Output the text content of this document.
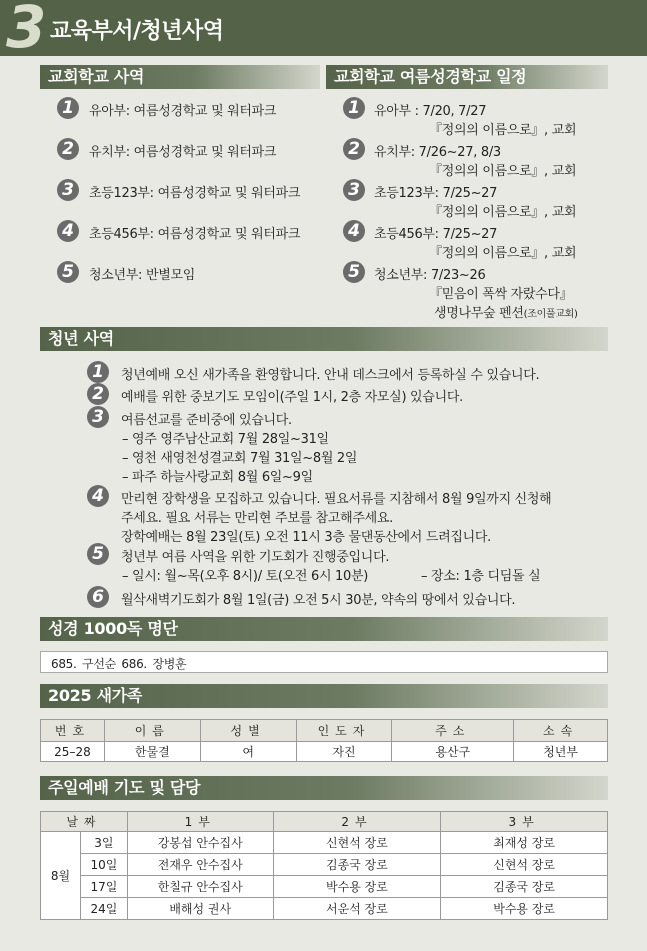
3 교육부서/청년사역
교회학교 사역
1	유아부: 여름성경학교 및 워터파크
2	유치부: 여름성경학교 및 워터파크
3	초등123부: 여름성경학교 및 워터파크
4	초등456부: 여름성경학교 및 워터파크
5	청소년부: 반별모임
교회학교 여름성경학교 일정
1	유아부 : 7/20, 7/27
『정의의 이름으로』, 교회
2	유치부: 7/26~27, 8/3
『정의의 이름으로』, 교회
3	초등123부: 7/25~27
『정의의 이름으로』, 교회
4	초등456부: 7/25~27
『정의의 이름으로』, 교회
5	청소년부: 7/23~26
『믿음이 폭싹 자랐수다』
생명나무숲 펜션(조이풀교회)
청년 사역
1	청년예배 오신 새가족을 환영합니다. 안내 데스크에서 등록하실 수 있습니다.
2	예배를 위한 중보기도 모임이(주일 1시, 2층 자모실) 있습니다.
3	여름선교를 준비중에 있습니다.
– 영주 영주남산교회 7월 28일~31일
– 영천 새영천성결교회 7월 31일~8월 2일
– 파주 하늘사랑교회 8월 6일~9일
4	만리현 장학생을 모집하고 있습니다. 필요서류를 지참해서 8월 9일까지 신청해
주세요. 필요 서류는 만리현 주보를 참고해주세요.
장학예배는 8월 23일(토) 오전 11시 3층 물댄동산에서 드려집니다.
5	청년부 여름 사역을 위한 기도회가 진행중입니다.
– 일시: 월~목(오후 8시)/ 토(오전 6시 10분)	– 장소: 1층 디딤돌 실
6	월삭새벽기도회가 8월 1일(금) 오전 5시 30분, 약속의 땅에서 있습니다.
성경 1000독 명단
685. 구선순 686. 장병훈
2025 새가족
번호	이름	성별	인도자	주소	소속
25–28	한물결	여	자진	용산구	청년부
주일예배 기도 및 담당
날짜		1부	2부	3부
8월	3일	강봉섭 안수집사	신현석 장로	최재성 장로
	10일	전재우 안수집사	김종국 장로	신현석 장로
	17일	한칠규 안수집사	박수용 장로	김종국 장로
	24일	배해성 권사	서운석 장로	박수용 장로
